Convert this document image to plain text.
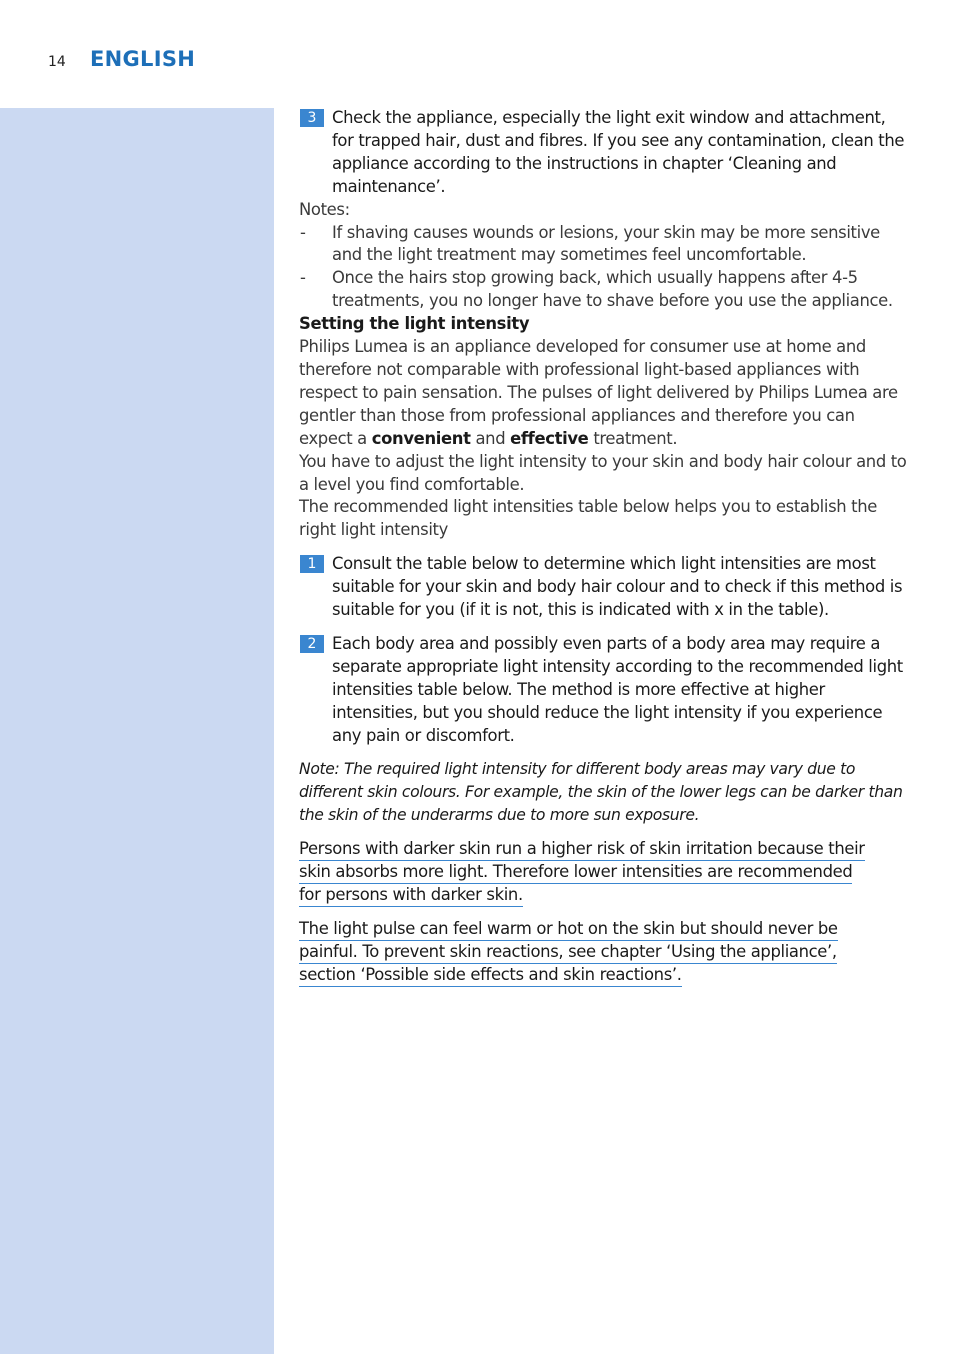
14 ENGLISH
3 Check the appliance, especially the light exit window and attachment, for trapped hair, dust and fibres. If you see any contamination, clean the appliance according to the instructions in chapter ‘Cleaning and maintenance’.

Notes:

- If shaving causes wounds or lesions, your skin may be more sensitive and the light treatment may sometimes feel uncomfortable.
- Once the hairs stop growing back, which usually happens after 4-5 treatments, you no longer have to shave before you use the appliance.

Setting the light intensity

Philips Lumea is an appliance developed for consumer use at home and therefore not comparable with professional light-based appliances with respect to pain sensation. The pulses of light delivered by Philips Lumea are gentler than those from professional appliances and therefore you can expect a convenient and effective treatment.

You have to adjust the light intensity to your skin and body hair colour and to a level you find comfortable.

The recommended light intensities table below helps you to establish the right light intensity

1 Consult the table below to determine which light intensities are most suitable for your skin and body hair colour and to check if this method is suitable for you (if it is not, this is indicated with x in the table).

2 Each body area and possibly even parts of a body area may require a separate appropriate light intensity according to the recommended light intensities table below. The method is more effective at higher intensities, but you should reduce the light intensity if you experience any pain or discomfort.

Note: The required light intensity for different body areas may vary due to different skin colours. For example, the skin of the lower legs can be darker than the skin of the underarms due to more sun exposure.

Persons with darker skin run a higher risk of skin irritation because their
skin absorbs more light. Therefore lower intensities are recommended
for persons with darker skin.
The light pulse can feel warm or hot on the skin but should never be
painful. To prevent skin reactions, see chapter ‘Using the appliance’,
section ‘Possible side effects and skin reactions’.
